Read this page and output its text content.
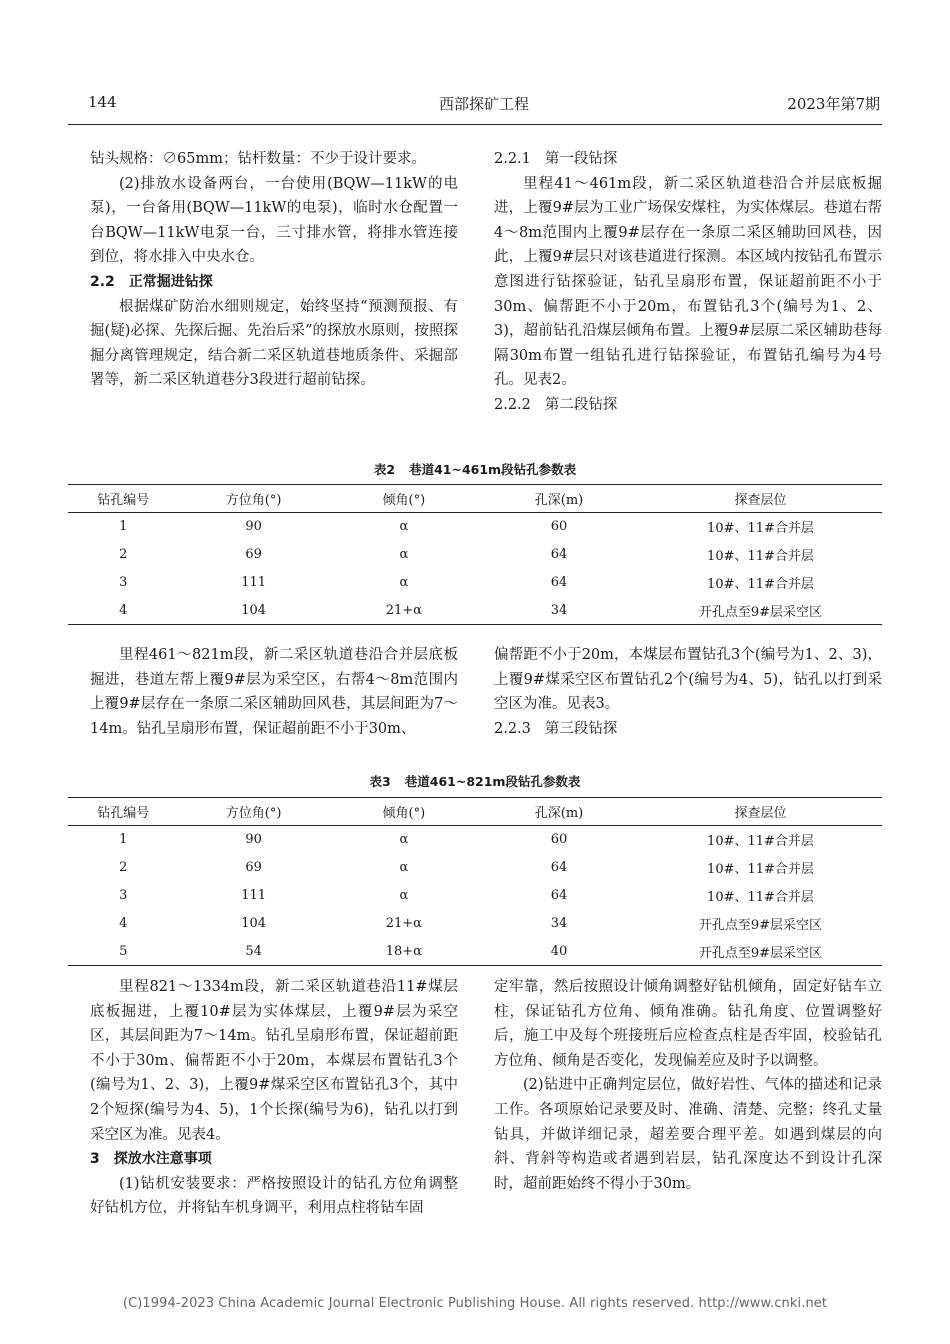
144	西部探矿工程	2023年第7期

钻头规格：∅65mm；钻杆数量：不少于设计要求。

(2)排放水设备两台，一台使用(BQW—11kW的电泵)，一台备用(BQW—11kW的电泵)，临时水仓配置一台BQW—11kW电泵一台，三寸排水管，将排水管连接到位，将水排入中央水仓。

2.2 正常掘进钻探

根据煤矿防治水细则规定，始终坚持“预测预报、有掘(疑)必探、先探后掘、先治后采”的探放水原则，按照探掘分离管理规定，结合新二采区轨道巷地质条件、采掘部署等，新二采区轨道巷分3段进行超前钻探。

2.2.1 第一段钻探

里程41～461m段，新二采区轨道巷沿合并层底板掘进，上覆9#层为工业广场保安煤柱，为实体煤层。巷道右帮4～8m范围内上覆9#层存在一条原二采区辅助回风巷，因此，上覆9#层只对该巷道进行探测。本区域内按钻孔布置示意图进行钻探验证，钻孔呈扇形布置，保证超前距不小于30m、偏帮距不小于20m，布置钻孔3个(编号为1、2、3)，超前钻孔沿煤层倾角布置。上覆9#层原二采区辅助巷每隔30m布置一组钻孔进行钻探验证，布置钻孔编号为4号孔。见表2。

2.2.2 第二段钻探

表2 巷道41~461m段钻孔参数表
钻孔编号	方位角(°)	倾角(°)	孔深(m)	探查层位
1	90	α	60	10#、11#合并层
2	69	α	64	10#、11#合并层
3	111	α	64	10#、11#合并层
4	104	21+α	34	开孔点至9#层采空区

里程461～821m段，新二采区轨道巷沿合并层底板掘进，巷道左帮上覆9#层为采空区，右帮4～8m范围内上覆9#层存在一条原二采区辅助回风巷，其层间距为7～14m。钻孔呈扇形布置，保证超前距不小于30m、

偏帮距不小于20m，本煤层布置钻孔3个(编号为1、2、3)，上覆9#煤采空区布置钻孔2个(编号为4、5)，钻孔以打到采空区为准。见表3。

2.2.3 第三段钻探

表3 巷道461~821m段钻孔参数表
钻孔编号	方位角(°)	倾角(°)	孔深(m)	探查层位
1	90	α	60	10#、11#合并层
2	69	α	64	10#、11#合并层
3	111	α	64	10#、11#合并层
4	104	21+α	34	开孔点至9#层采空区
5	54	18+α	40	开孔点至9#层采空区

里程821～1334m段，新二采区轨道巷沿11#煤层底板掘进，上覆10#层为实体煤层，上覆9#层为采空区，其层间距为7～14m。钻孔呈扇形布置，保证超前距不小于30m、偏帮距不小于20m，本煤层布置钻孔3个(编号为1、2、3)，上覆9#煤采空区布置钻孔3个，其中2个短探(编号为4、5)，1个长探(编号为6)，钻孔以打到采空区为准。见表4。

3 探放水注意事项

(1)钻机安装要求：严格按照设计的钻孔方位角调整好钻机方位，并将钻车机身调平，利用点柱将钻车固

定牢靠，然后按照设计倾角调整好钻机倾角，固定好钻车立柱，保证钻孔方位角、倾角准确。钻孔角度、位置调整好后，施工中及每个班接班后应检查点柱是否牢固，校验钻孔方位角、倾角是否变化，发现偏差应及时予以调整。

(2)钻进中正确判定层位，做好岩性、气体的描述和记录工作。各项原始记录要及时、准确、清楚、完整；终孔丈量钻具，并做详细记录，超差要合理平差。如遇到煤层的向斜、背斜等构造或者遇到岩层，钻孔深度达不到设计孔深时，超前距始终不得小于30m。

(C)1994-2023 China Academic Journal Electronic Publishing House. All rights reserved. http://www.cnki.net
